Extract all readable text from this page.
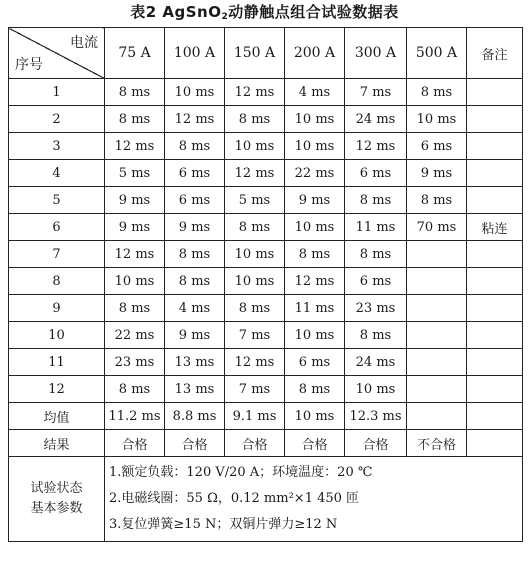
表2 AgSnO$_2$动静触点组合试验数据表
电流
序号	75 A	100 A	150 A	200 A	300 A	500 A	备注
1	8 ms	10 ms	12 ms	4 ms	7 ms	8 ms	
2	8 ms	12 ms	8 ms	10 ms	24 ms	10 ms	
3	12 ms	8 ms	10 ms	10 ms	12 ms	6 ms	
4	5 ms	6 ms	12 ms	22 ms	6 ms	9 ms	
5	9 ms	6 ms	5 ms	9 ms	8 ms	8 ms	
6	9 ms	9 ms	8 ms	10 ms	11 ms	70 ms	粘连
7	12 ms	8 ms	10 ms	8 ms	8 ms		
8	10 ms	8 ms	10 ms	12 ms	6 ms		
9	8 ms	4 ms	8 ms	11 ms	23 ms		
10	22 ms	9 ms	7 ms	10 ms	8 ms		
11	23 ms	13 ms	12 ms	6 ms	24 ms		
12	8 ms	13 ms	7 ms	8 ms	10 ms		
均值	11.2 ms	8.8 ms	9.1 ms	10 ms	12.3 ms		
结果	合格	合格	合格	合格	合格	不合格	

试验状态
基本参数	1.额定负载：120 V/20 A；环境温度：20 ℃
2.电磁线圈：55 Ω，0.12 mm²×1 450 匝
3.复位弹簧≥15 N；双铜片弹力≥12 N						
